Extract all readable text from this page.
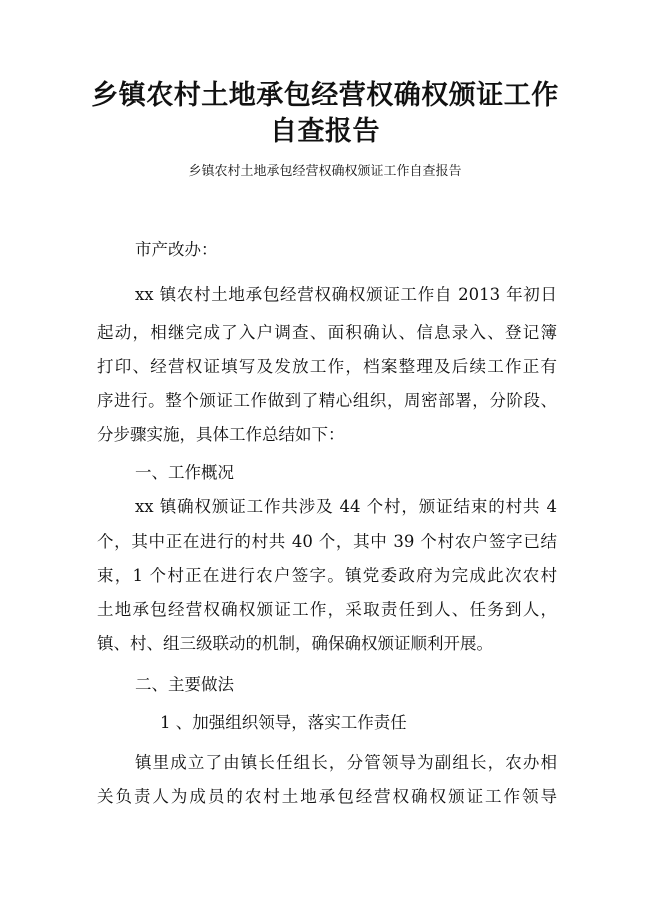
乡镇农村土地承包经营权确权颁证工作
自查报告
乡镇农村土地承包经营权确权颁证工作自查报告
市产改办：
xx 镇农村土地承包经营权确权颁证工作自 2013 年初日
起动，相继完成了入户调查、面积确认、信息录入、登记簿
打印、经营权证填写及发放工作，档案整理及后续工作正有
序进行。整个颁证工作做到了精心组织，周密部署，分阶段、
分步骤实施，具体工作总结如下：
一、工作概况
xx 镇确权颁证工作共涉及 44 个村，颁证结束的村共 4
个，其中正在进行的村共 40 个，其中 39 个村农户签字已结
束，1 个村正在进行农户签字。镇党委政府为完成此次农村
土地承包经营权确权颁证工作，采取责任到人、任务到人，
镇、村、组三级联动的机制，确保确权颁证顺利开展。
二、主要做法
1 、加强组织领导，落实工作责任
镇里成立了由镇长任组长，分管领导为副组长，农办相
关负责人为成员的农村土地承包经营权确权颁证工作领导
